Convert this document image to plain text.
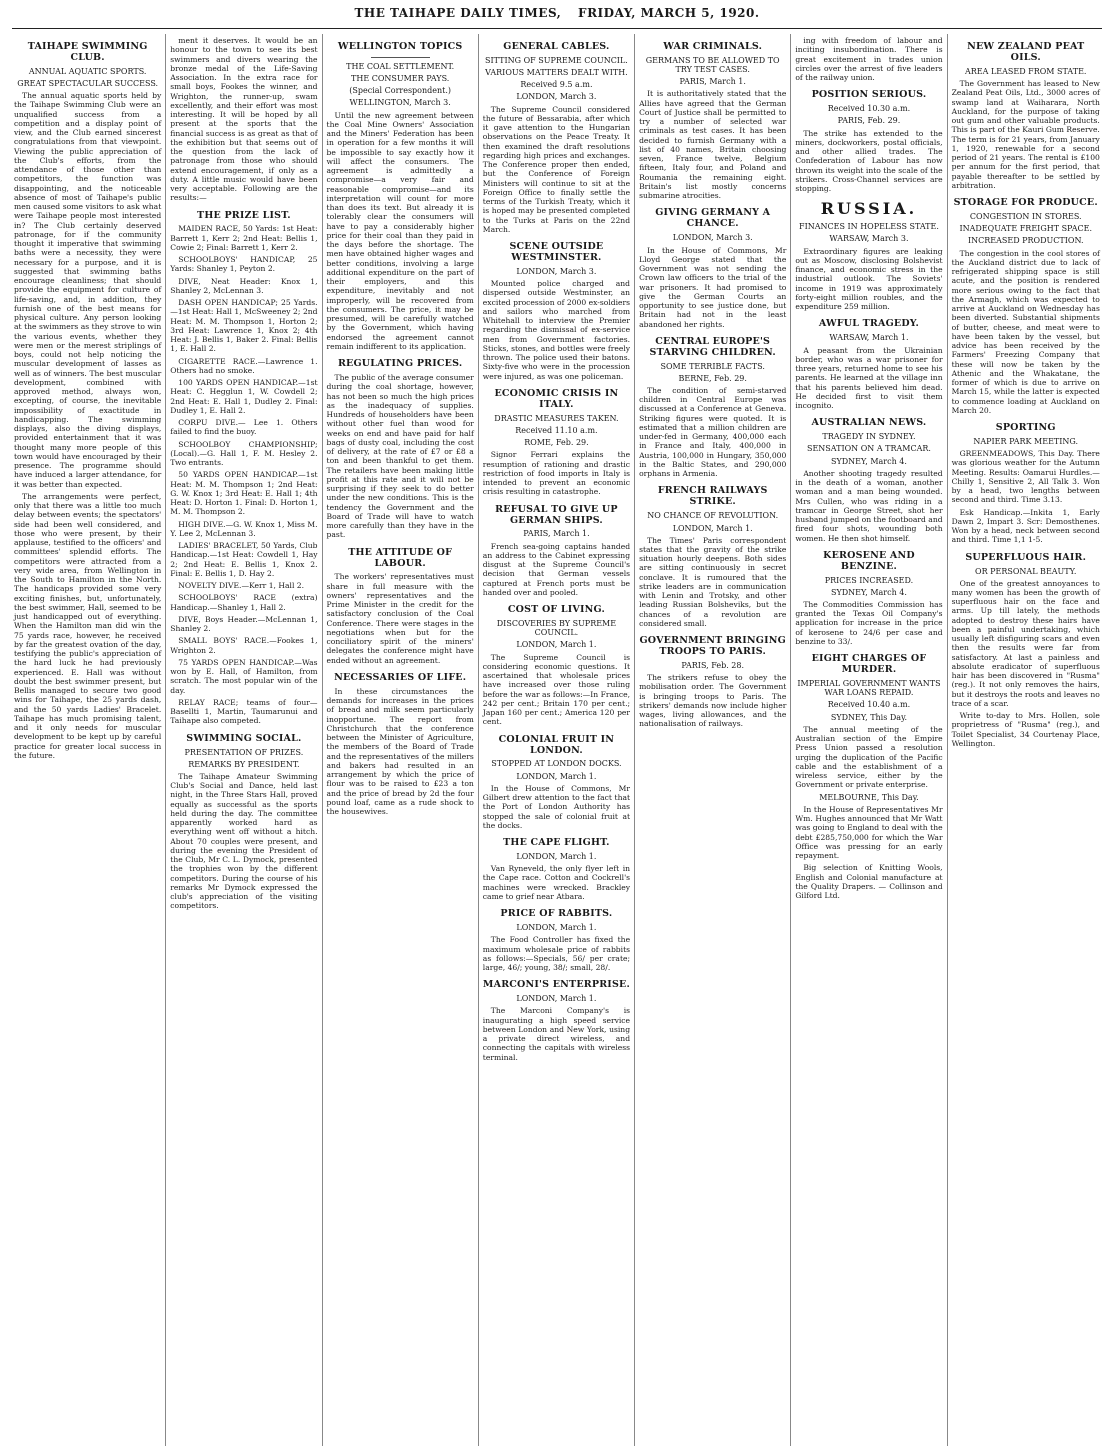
THE TAIHAPE DAILY TIMES, FRIDAY, MARCH 5, 1920.
TAIHAPE SWIMMING CLUB.
ANNUAL AQUATIC SPORTS.
GREAT SPECTACULAR SUCCESS.
The annual aquatic sports held by the Taihape Swimming Club were an unqualified success from a competition and a display point of view, and the Club earned sincerest congratulations from that viewpoint. Viewing the public appreciation of the Club's efforts, from the attendance of those other than competitors, the function was disappointing, and the noticeable absence of most of Taihape's public men caused some visitors to ask what were Taihape people most interested in? The Club certainly deserved patronage, for if the community thought it imperative that swimming baths were a necessity, they were necessary for a purpose, and it is suggested that swimming baths encourage cleanliness; that should provide the equipment for culture of life-saving, and, in addition, they furnish one of the best means for physical culture. Any person looking at the swimmers as they strove to win the various events, whether they were men or the merest striplings of boys, could not help noticing the muscular development of lasses as well as of winners. The best muscular development, combined with approved method, always won, excepting, of course, the inevitable impossibility of exactitude in handicapping. The swimming displays, also the diving displays, provided entertainment that it was thought many more people of this town would have encouraged by their presence. The programme should have induced a larger attendance, for it was better than expected.
The arrangements were perfect, only that there was a little too much delay between events; the spectators' side had been well considered, and those who were present, by their applause, testified to the officers' and committees' splendid efforts. The competitors were attracted from a very wide area, from Wellington in the South to Hamilton in the North. The handicaps provided some very exciting finishes, but, unfortunately, the best swimmer, Hall, seemed to be just handicapped out of everything. When the Hamilton man did win the 75 yards race, however, he received by far the greatest ovation of the day, testifying the public's appreciation of the hard luck he had previously experienced. E. Hall was without doubt the best swimmer present, but Bellis managed to secure two good wins for Taihape, the 25 yards dash, and the 50 yards Ladies' Bracelet. Taihape has much promising talent, and it only needs for muscular development to be kept up by careful practice for greater local success in the future.
ment it deserves. It would be an honour to the town to see its best swimmers and divers wearing the bronze medal of the Life-Saving Association. In the extra race for small boys, Fookes the winner, and Wrighton, the runner-up, swam excellently, and their effort was most interesting. It will be hoped by all present at the sports that the financial success is as great as that of the exhibition but that seems out of the question from the lack of patronage from those who should extend encouragement, if only as a duty. A little music would have been very acceptable. Following are the results:—
THE PRIZE LIST.
MAIDEN RACE, 50 Yards: 1st Heat: Barrett 1, Kerr 2; 2nd Heat: Bellis 1, Cowie 2; Final: Barrett 1, Kerr 2.
SCHOOLBOYS' HANDICAP, 25 Yards: Shanley 1, Peyton 2.
DIVE, Neat Header: Knox 1, Shanley 2, McLennan 3.
DASH OPEN HANDICAP; 25 Yards.—1st Heat: Hall 1, McSweeney 2; 2nd Heat: M. M. Thompson 1, Horton 2; 3rd Heat: Lawrence 1, Knox 2; 4th Heat: J. Bellis 1, Baker 2. Final: Bellis 1, E. Hall 2.
CIGARETTE RACE.—Lawrence 1. Others had no smoke.
100 YARDS OPEN HANDICAP.—1st Heat: C. Hegglun 1, W. Cowdell 2; 2nd Heat: E. Hall 1, Dudley 2. Final: Dudley 1, E. Hall 2.
CORPU DIVE.— Lee 1. Others failed to find the buoy.
SCHOOLBOY CHAMPIONSHIP; (Local).—G. Hall 1, F. M. Hesley 2. Two entrants.
50 YARDS OPEN HANDICAP.—1st Heat: M. M. Thompson 1; 2nd Heat: G. W. Knox 1; 3rd Heat: E. Hall 1; 4th Heat: D. Horton 1. Final: D. Horton 1, M. M. Thompson 2.
HIGH DIVE.—G. W. Knox 1, Miss M. Y. Lee 2, McLennan 3.
LADIES' BRACELET, 50 Yards, Club Handicap.—1st Heat: Cowdell 1, Hay 2; 2nd Heat: E. Bellis 1, Knox 2. Final: E. Bellis 1, D. Hay 2.
NOVELTY DIVE.—Kerr 1, Hall 2.
SCHOOLBOYS' RACE (extra) Handicap.—Shanley 1, Hall 2.
DIVE, Boys Header.—McLennan 1, Shanley 2.
SMALL BOYS' RACE.—Fookes 1, Wrighton 2.
75 YARDS OPEN HANDICAP.—Was won by E. Hall, of Hamilton, from scratch. The most popular win of the day.
RELAY RACE; teams of four—Basellti 1, Martin, Taumarunui and Taihape also competed.
SWIMMING SOCIAL.
PRESENTATION OF PRIZES.
REMARKS BY PRESIDENT.
The Taihape Amateur Swimming Club's Social and Dance, held last night, in the Three Stars Hall, proved equally as successful as the sports held during the day. The committee apparently worked hard as everything went off without a hitch. About 70 couples were present, and during the evening the President of the Club, Mr C. L. Dymock, presented the trophies won by the different competitors. During the course of his remarks Mr Dymock expressed the club's appreciation of the visiting competitors.
WELLINGTON TOPICS
THE COAL SETTLEMENT.
THE CONSUMER PAYS.
(Special Correspondent.)
WELLINGTON, March 3.
Until the new agreement between the Coal Mine Owners' Association and the Miners' Federation has been in operation for a few months it will be impossible to say exactly how it will affect the consumers. The agreement is admittedly a compromise—a very fair and reasonable compromise—and its interpretation will count for more than does its text. But already it is tolerably clear the consumers will have to pay a considerably higher price for their coal than they paid in the days before the shortage. The men have obtained higher wages and better conditions, involving a large additional expenditure on the part of their employers, and this expenditure, inevitably and not improperly, will be recovered from the consumers. The price, it may be presumed, will be carefully watched by the Government, which having endorsed the agreement cannot remain indifferent to its application.
REGULATING PRICES.
The public of the average consumer during the coal shortage, however, has not been so much the high prices as the inadequacy of supplies. Hundreds of householders have been without other fuel than wood for weeks on end and have paid for half bags of dusty coal, including the cost of delivery, at the rate of £7 or £8 a ton and been thankful to get them. The retailers have been making little profit at this rate and it will not be surprising if they seek to do better under the new conditions. This is the tendency the Government and the Board of Trade will have to watch more carefully than they have in the past.
THE ATTITUDE OF LABOUR.
The workers' representatives must share in full measure with the owners' representatives and the Prime Minister in the credit for the satisfactory conclusion of the Coal Conference. There were stages in the negotiations when but for the conciliatory spirit of the miners' delegates the conference might have ended without an agreement.
NECESSARIES OF LIFE.
In these circumstances the demands for increases in the prices of bread and milk seem particularly inopportune. The report from Christchurch that the conference between the Minister of Agriculture, the members of the Board of Trade and the representatives of the millers and bakers had resulted in an arrangement by which the price of flour was to be raised to £23 a ton and the price of bread by 2d the four pound loaf, came as a rude shock to the housewives.
GENERAL CABLES.
SITTING OF SUPREME COUNCIL.
VARIOUS MATTERS DEALT WITH.
Received 9.5 a.m.
LONDON, March 3.
The Supreme Council considered the future of Bessarabia, after which it gave attention to the Hungarian observations on the Peace Treaty. It then examined the draft resolutions regarding high prices and exchanges. The Conference proper then ended, but the Conference of Foreign Ministers will continue to sit at the Foreign Office to finally settle the terms of the Turkish Treaty, which it is hoped may be presented completed to the Turks at Paris on the 22nd March.
SCENE OUTSIDE WESTMINSTER.
LONDON, March 3.
Mounted police charged and dispersed outside Westminster, an excited procession of 2000 ex-soldiers and sailors who marched from Whitehall to interview the Premier regarding the dismissal of ex-service men from Government factories. Sticks, stones, and bottles were freely thrown. The police used their batons. Sixty-five who were in the procession were injured, as was one policeman.
ECONOMIC CRISIS IN ITALY.
DRASTIC MEASURES TAKEN.
Received 11.10 a.m.
ROME, Feb. 29.
Signor Ferrari explains the resumption of rationing and drastic restriction of food imports in Italy is intended to prevent an economic crisis resulting in catastrophe.
REFUSAL TO GIVE UP GERMAN SHIPS.
PARIS, March 1.
French sea-going captains handed an address to the Cabinet expressing disgust at the Supreme Council's decision that German vessels captured at French ports must be handed over and pooled.
COST OF LIVING.
DISCOVERIES BY SUPREME COUNCIL.
LONDON, March 1.
The Supreme Council is considering economic questions. It ascertained that wholesale prices have increased over those ruling before the war as follows:—In France, 242 per cent.; Britain 170 per cent.; Japan 160 per cent.; America 120 per cent.
COLONIAL FRUIT IN LONDON.
STOPPED AT LONDON DOCKS.
LONDON, March 1.
In the House of Commons, Mr Gilbert drew attention to the fact that the Port of London Authority has stopped the sale of colonial fruit at the docks.
THE CAPE FLIGHT.
LONDON, March 1.
Van Ryneveld, the only flyer left in the Cape race. Cotton and Cockrell's machines were wrecked. Brackley came to grief near Atbara.
PRICE OF RABBITS.
LONDON, March 1.
The Food Controller has fixed the maximum wholesale price of rabbits as follows:—Specials, 56/ per crate; large, 46/; young, 38/; small, 28/.
MARCONI'S ENTERPRISE.
LONDON, March 1.
The Marconi Company's is inaugurating a high speed service between London and New York, using a private direct wireless, and connecting the capitals with wireless terminal.
WAR CRIMINALS.
GERMANS TO BE ALLOWED TO TRY TEST CASES.
PARIS, March 1.
It is authoritatively stated that the Allies have agreed that the German Court of Justice shall be permitted to try a number of selected war criminals as test cases. It has been decided to furnish Germany with a list of 40 names, Britain choosing seven, France twelve, Belgium fifteen, Italy four, and Poland and Roumania the remaining eight. Britain's list mostly concerns submarine atrocities.
GIVING GERMANY A CHANCE.
LONDON, March 3.
In the House of Commons, Mr Lloyd George stated that the Government was not sending the Crown law officers to the trial of the war prisoners. It had promised to give the German Courts an opportunity to see justice done, but Britain had not in the least abandoned her rights.
CENTRAL EUROPE'S STARVING CHILDREN.
SOME TERRIBLE FACTS.
BERNE, Feb. 29.
The condition of semi-starved children in Central Europe was discussed at a Conference at Geneva. Striking figures were quoted. It is estimated that a million children are under-fed in Germany, 400,000 each in France and Italy, 400,000 in Austria, 100,000 in Hungary, 350,000 in the Baltic States, and 290,000 orphans in Armenia.
FRENCH RAILWAYS STRIKE.
NO CHANCE OF REVOLUTION.
LONDON, March 1.
The Times' Paris correspondent states that the gravity of the strike situation hourly deepens. Both sides are sitting continuously in secret conclave. It is rumoured that the strike leaders are in communication with Lenin and Trotsky, and other leading Russian Bolsheviks, but the chances of a revolution are considered small.
GOVERNMENT BRINGING TROOPS TO PARIS.
PARIS, Feb. 28.
The strikers refuse to obey the mobilisation order. The Government is bringing troops to Paris. The strikers' demands now include higher wages, living allowances, and the nationalisation of railways.
ing with freedom of labour and inciting insubordination. There is great excitement in trades union circles over the arrest of five leaders of the railway union.
POSITION SERIOUS.
Received 10.30 a.m.
PARIS, Feb. 29.
The strike has extended to the miners, dockworkers, postal officials, and other allied trades. The Confederation of Labour has now thrown its weight into the scale of the strikers. Cross-Channel services are stopping.
RUSSIA.
FINANCES IN HOPELESS STATE.
WARSAW, March 3.
Extraordinary figures are leaking out as Moscow, disclosing Bolshevist finance, and economic stress in the industrial outlook. The Soviets' income in 1919 was approximately forty-eight million roubles, and the expenditure 259 million.
AWFUL TRAGEDY.
WARSAW, March 1.
A peasant from the Ukrainian border, who was a war prisoner for three years, returned home to see his parents. He learned at the village inn that his parents believed him dead. He decided first to visit them incognito.
AUSTRALIAN NEWS.
TRAGEDY IN SYDNEY.
SENSATION ON A TRAMCAR.
SYDNEY, March 4.
Another shooting tragedy resulted in the death of a woman, another woman and a man being wounded. Mrs Cullen, who was riding in a tramcar in George Street, shot her husband jumped on the footboard and fired four shots, wounding both women. He then shot himself.
KEROSENE AND BENZINE.
PRICES INCREASED.
SYDNEY, March 4.
The Commodities Commission has granted the Texas Oil Company's application for increase in the price of kerosene to 24/6 per case and benzine to 33/.
EIGHT CHARGES OF MURDER.
IMPERIAL GOVERNMENT WANTS WAR LOANS REPAID.
Received 10.40 a.m.
SYDNEY, This Day.
The annual meeting of the Australian section of the Empire Press Union passed a resolution urging the duplication of the Pacific cable and the establishment of a wireless service, either by the Government or private enterprise.
MELBOURNE, This Day.
In the House of Representatives Mr Wm. Hughes announced that Mr Watt was going to England to deal with the debt £285,750,000 for which the War Office was pressing for an early repayment.
Big selection of Knitting Wools, English and Colonial manufacture at the Quality Drapers. — Collinson and Gilford Ltd.
NEW ZEALAND PEAT OILS.
AREA LEASED FROM STATE.
The Government has leased to New Zealand Peat Oils, Ltd., 3000 acres of swamp land at Waiharara, North Auckland, for the purpose of taking out gum and other valuable products. This is part of the Kauri Gum Reserve. The term is for 21 years, from January 1, 1920, renewable for a second period of 21 years. The rental is £100 per annum for the first period, that payable thereafter to be settled by arbitration.
STORAGE FOR PRODUCE.
CONGESTION IN STORES.
INADEQUATE FREIGHT SPACE.
INCREASED PRODUCTION.
The congestion in the cool stores of the Auckland district due to lack of refrigerated shipping space is still acute, and the position is rendered more serious owing to the fact that the Armagh, which was expected to arrive at Auckland on Wednesday has been diverted. Substantial shipments of butter, cheese, and meat were to have been taken by the vessel, but advice has been received by the Farmers' Freezing Company that these will now be taken by the Athenic and the Whakatane, the former of which is due to arrive on March 15, while the latter is expected to commence loading at Auckland on March 20.
SPORTING
NAPIER PARK MEETING.
GREENMEADOWS, This Day. There was glorious weather for the Autumn Meeting. Results: Oamarui Hurdles.—Chilly 1, Sensitive 2, All Talk 3. Won by a head, two lengths between second and third. Time 3.13.
Esk Handicap.—Inkita 1, Early Dawn 2, Impart 3. Scr: Demosthenes. Won by a head, neck between second and third. Time 1,1 1-5.
SUPERFLUOUS HAIR.
OR PERSONAL BEAUTY.
One of the greatest annoyances to many women has been the growth of superfluous hair on the face and arms. Up till lately, the methods adopted to destroy these hairs have been a painful undertaking, which usually left disfiguring scars and even then the results were far from satisfactory. At last a painless and absolute eradicator of superfluous hair has been discovered in "Rusma" (reg.). It not only removes the hairs, but it destroys the roots and leaves no trace of a scar.
Write to-day to Mrs. Hollen, sole proprietress of "Rusma" (reg.), and Toilet Specialist, 34 Courtenay Place, Wellington.
